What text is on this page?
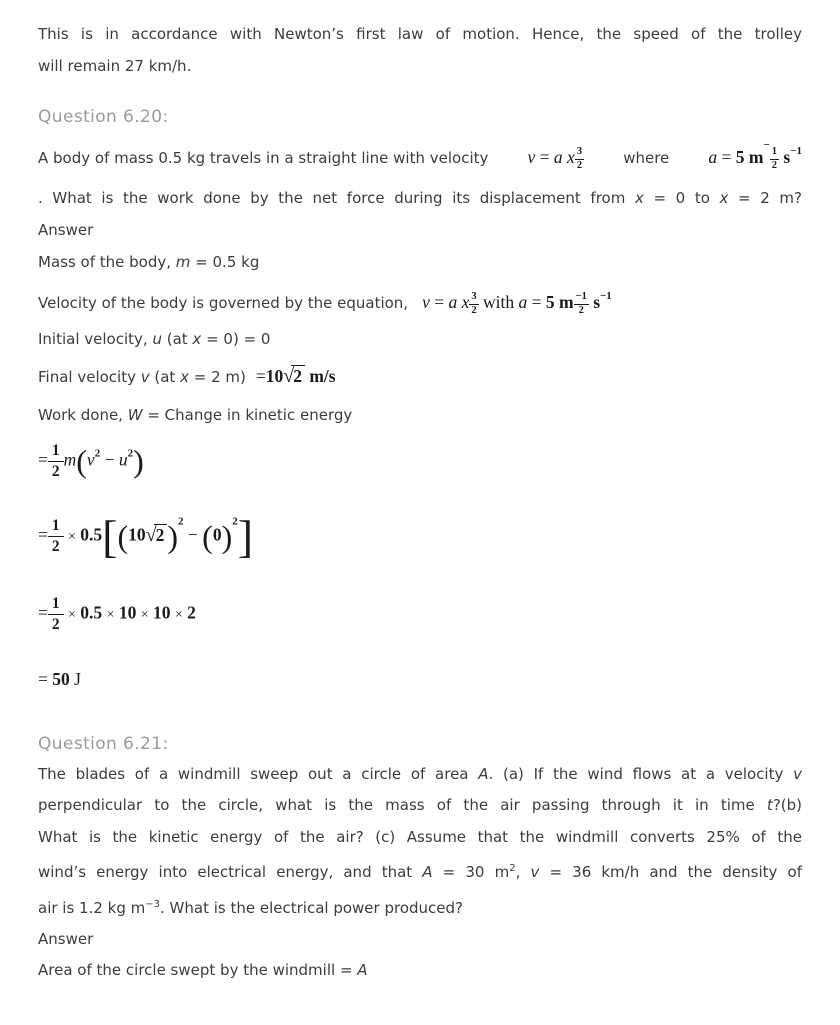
This is in accordance with Newton’s first law of motion. Hence, the speed of the trolley
will remain 27 km/h.
Question 6.20:
A body of mass 0.5 kg travels in a straight line with velocity v = a x $\frac{3}{2}$	where a = 5 m−
$\frac{1}{2} s^{-1}$
. What is the work done by the net force during its displacement from x = 0 to x = 2 m?
Answer
Mass of the body, m = 0.5 kg
Velocity of the body is governed by the equation, v = a x $\frac{3}{2}$ with a = 5 m $\frac{-1}{2} s^{-1}$
Initial velocity, u (at x = 0) = 0
Final velocity v (at x = 2 m) =10√2 m/s
Work done, W = Change in kinetic energy
= $\frac{1}{2} m(v^2 - u^2)$
= $\frac{1}{2} \times 0.5[(10√2)^2 - (0)^2]$
= $\frac{1}{2} \times 0.5 \times 10 \times 10 \times 2$
= 50 J
Question 6.21:
The blades of a windmill sweep out a circle of area A. (a) If the wind flows at a velocity v
perpendicular to the circle, what is the mass of the air passing through it in time t?(b)
What is the kinetic energy of the air? (c) Assume that the windmill converts 25% of the
wind’s energy into electrical energy, and that A = 30 $m^2$, v = 36 km/h and the density of
air is 1.2 kg $m^{-3}$. What is the electrical power produced?
Answer
Area of the circle swept by the windmill = A
